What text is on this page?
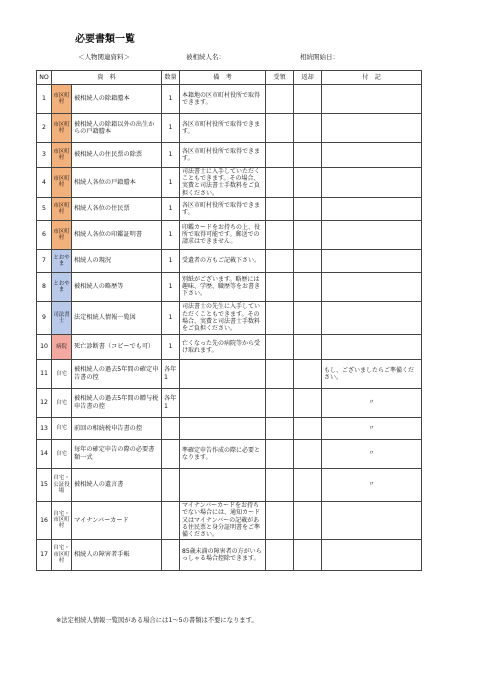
必要書類一覧
＜人物関連資料＞	被相続人名：	相続開始日：
NO	資　料		数量	備　考	受領	返却	付　記
1	市区町村	被相続人の除籍謄本	1	本籍地の区市町村役所で取得できます。			
2	市区町村	被相続人の除籍以外の出生からの戸籍謄本	1	各区市町村役所で取得できます。			
3	市区町村	被相続人の住民票の除票	1	各区市町村役所で取得できます。			
4	市区町村	相続人各位の戸籍謄本	1	司法書士に入手していただくこともできます。その場合、実費と司法書士手数料をご負担ください。			
5	市区町村	相続人各位の住民票	1	各区市町村役所で取得できます。			
6	市区町村	相続人各位の印鑑証明書	1	印鑑カードをお持ちの上、役所で取得可能です。郵送での請求はできません。			
7	とおやま	相続人の現況	1	受遺者の方もご記載下さい。			
8	とおやま	被相続人の略歴等	1	別紙がございます。略歴には趣味、学歴、職歴等をお書き下さい。			
9	司法書士	法定相続人情報一覧図	1	司法書士の先生に入手していただくこともできます。その場合、実費と司法書士手数料をご負担ください。			
10	病院	死亡診断書（コピーでも可）	1	亡くなった先の病院等から受け取れます。			
11	自宅	被相続人の過去5年間の確定申告書の控	各年1				もし、ございましたらご準備ください。
12	自宅	被相続人の過去5年間の贈与税申告書の控	各年1				〃
13	自宅	前回の相続税申告書の控					〃
14	自宅	毎年の確定申告の際の必要書類一式		準確定申告作成の際に必要となります。			〃
15	自宅・公証役場	被相続人の遺言書					〃
16	自宅・市区町村	マイナンバーカード		マイナンバーカードをお持ちでない場合には、通知カード又はマイナンバーの記載がある住民票と身分証明書をご準備ください。			
17	自宅・市区町村	相続人の障害者手帳		85歳未満の障害者の方がいらっしゃる場合控除できます。			
※法定相続人情報一覧図がある場合には1～5の書類は不要になります。
